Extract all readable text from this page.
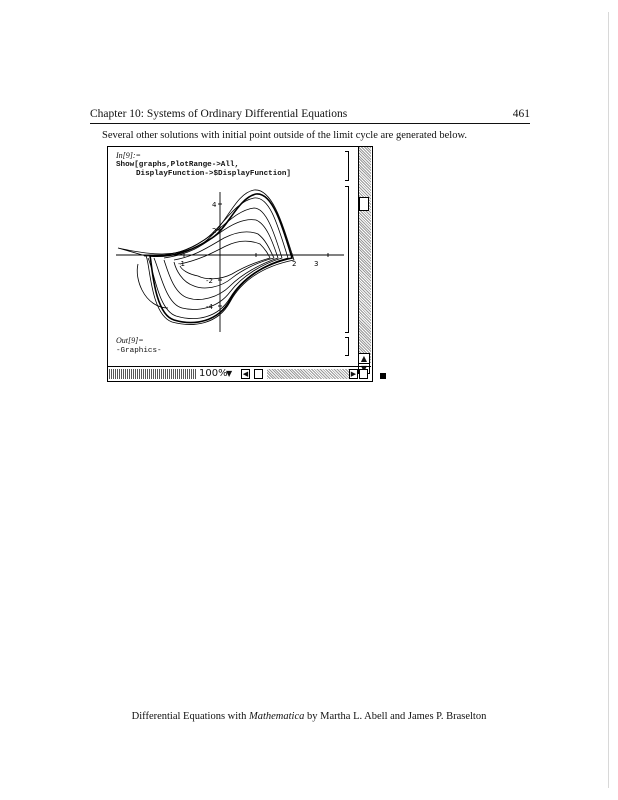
Chapter 10: Systems of Ordinary Differential Equations	461
Several other solutions with initial point outside of the limit cycle are generated below.
In[9]:=
Show[graphs,PlotRange->All,
DisplayFunction->$DisplayFunction]
-1	2	3
4
2
-2
-4
Out[9]=
-Graphics-
▲
100%
▼ ◀	▶
Differential Equations with Mathematica by Martha L. Abell and James P. Braselton
